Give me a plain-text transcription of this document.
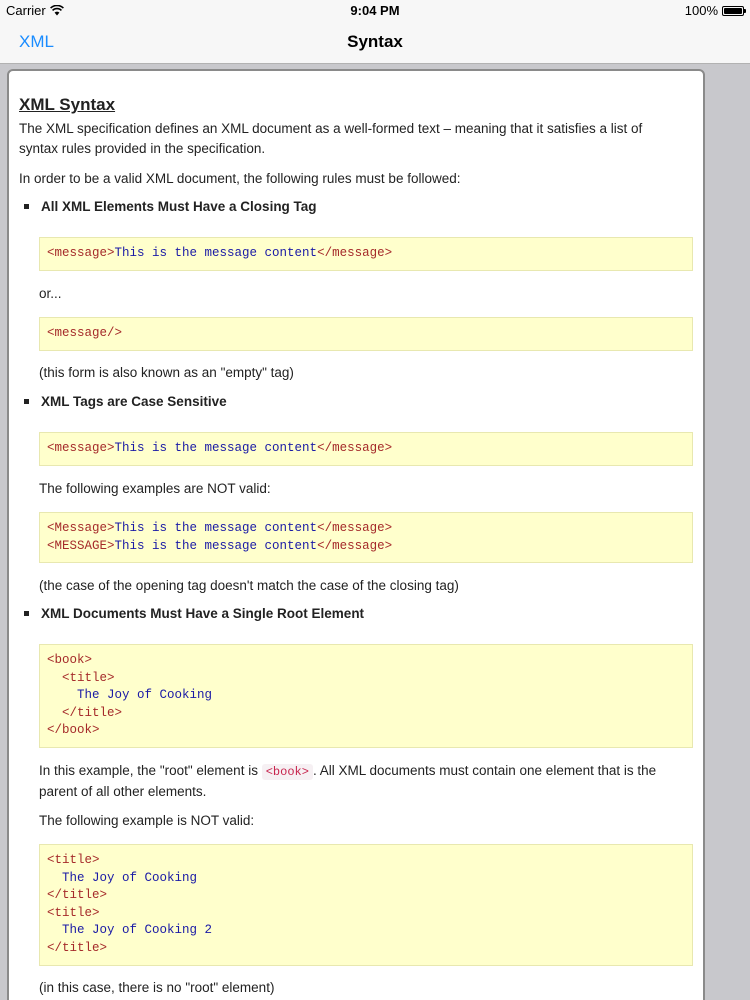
Carrier	9:04 PM	100%
XML	Syntax
XML Syntax
The XML specification defines an XML document as a well-formed text – meaning that it satisfies a list of
syntax rules provided in the specification.
In order to be a valid XML document, the following rules must be followed:
All XML Elements Must Have a Closing Tag
<message>This is the message content</message>
or...
<message/>
(this form is also known as an "empty" tag)
XML Tags are Case Sensitive
<message>This is the message content</message>
The following examples are NOT valid:
<Message>This is the message content</message>
<MESSAGE>This is the message content</message>
(the case of the opening tag doesn't match the case of the closing tag)
XML Documents Must Have a Single Root Element
<book>
<title>
The Joy of Cooking
</title>
</book>
In this example, the "root" element is <book> . All XML documents must contain one element that is the
parent of all other elements.
The following example is NOT valid:
<title>
The Joy of Cooking
</title>
<title>
The Joy of Cooking 2
</title>
(in this case, there is no "root" element)
